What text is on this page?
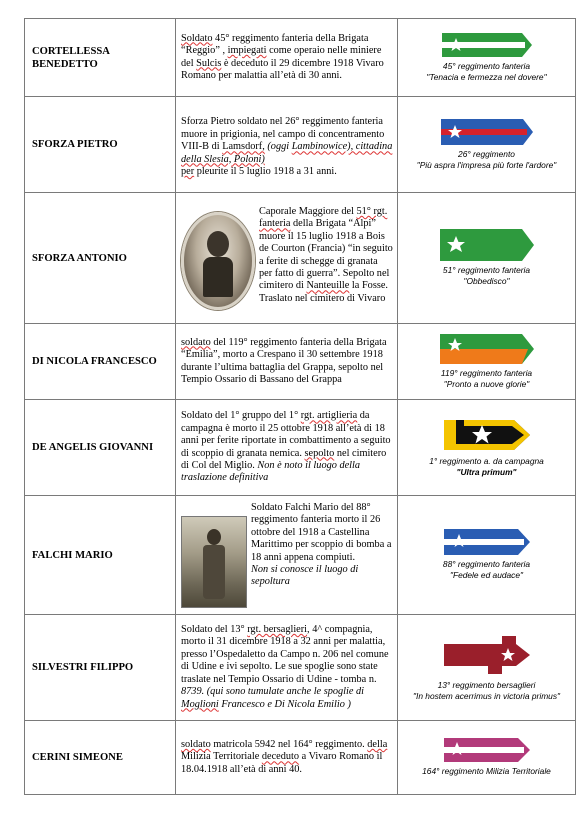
CORTELLESSA BENEDETTO	Soldato 45° reggimento fanteria della Brigata “Reggio” , impiegati come operaio nelle miniere del Sulcis è deceduto il 29 dicembre 1918 Vivaro Romano per malattia all’età di 30 anni.	45° reggimento fanteria
"Tenacia e fermezza nel dovere"

SFORZA PIETRO	Sforza Pietro soldato nel 26° reggimento fanteria muore in prigionia, nel campo di concentramento VIII-B di Lamsdorf, (oggi Lambinowice), cittadina della Slesia, Poloni)
per pleurite il 5 luglio 1918 a 31 anni.	26° reggimento
"Più aspra l'impresa più forte l'ardore"

SFORZA ANTONIO	Caporale Maggiore del 51° rgt. fanteria della Brigata “Alpi” muore il 15 luglio 1918 a Bois de Courton (Francia) “in seguito a ferite di schegge di granata per fatto di guerra”. Sepolto nel cimitero di Nanteuille la Fosse. Traslato nel cimitero di Vivaro	51° reggimento fanteria
"Obbedisco"

DI NICOLA FRANCESCO	soldato del 119° reggimento fanteria della Brigata “Emilia”, morto a Crespano il 30 settembre 1918 durante l’ultima battaglia del Grappa, sepolto nel Tempio Ossario di Bassano del Grappa	119° reggimento fanteria
"Pronto a nuove glorie"

DE ANGELIS GIOVANNI	Soldato del 1° gruppo del 1° rgt. artiglieria da campagna è morto il 25 ottobre 1918 all’età di 18 anni per ferite riportate in combattimento a seguito di scoppio di granata nemica. sepolto nel cimitero di Col del Miglio. Non è noto il luogo della traslazione definitiva	1° reggimento a. da campagna
"Ultra primum"

FALCHI MARIO	Soldato Falchi Mario del 88° reggimento fanteria morto il 26 ottobre del 1918 a Castellina Marittimo per scoppio di bomba a 18 anni appena compiuti.
Non si conosce il luogo di sepoltura	88° reggimento fanteria
"Fedele ed audace"

SILVESTRI FILIPPO	Soldato del 13° rgt. bersaglieri, 4^ compagnia, morto il 31 dicembre 1918 a 32 anni per malattia, presso l’Ospedaletto da Campo n. 206 nel comune di Udine e ivi sepolto. Le sue spoglie sono state traslate nel Tempio Ossario di Udine - tomba n. 8739. (qui sono tumulate anche le spoglie di Moglioni Francesco e Di Nicola Emilio )	13° reggimento bersaglieri
"In hostem acerrimus in victoria primus"

CERINI SIMEONE	soldato matricola 5942 nel 164° reggimento. della Milizia Territoriale deceduto a Vivaro Romano il 18.04.1918 all’età di anni 40.	164° reggimento Milizia Territoriale
